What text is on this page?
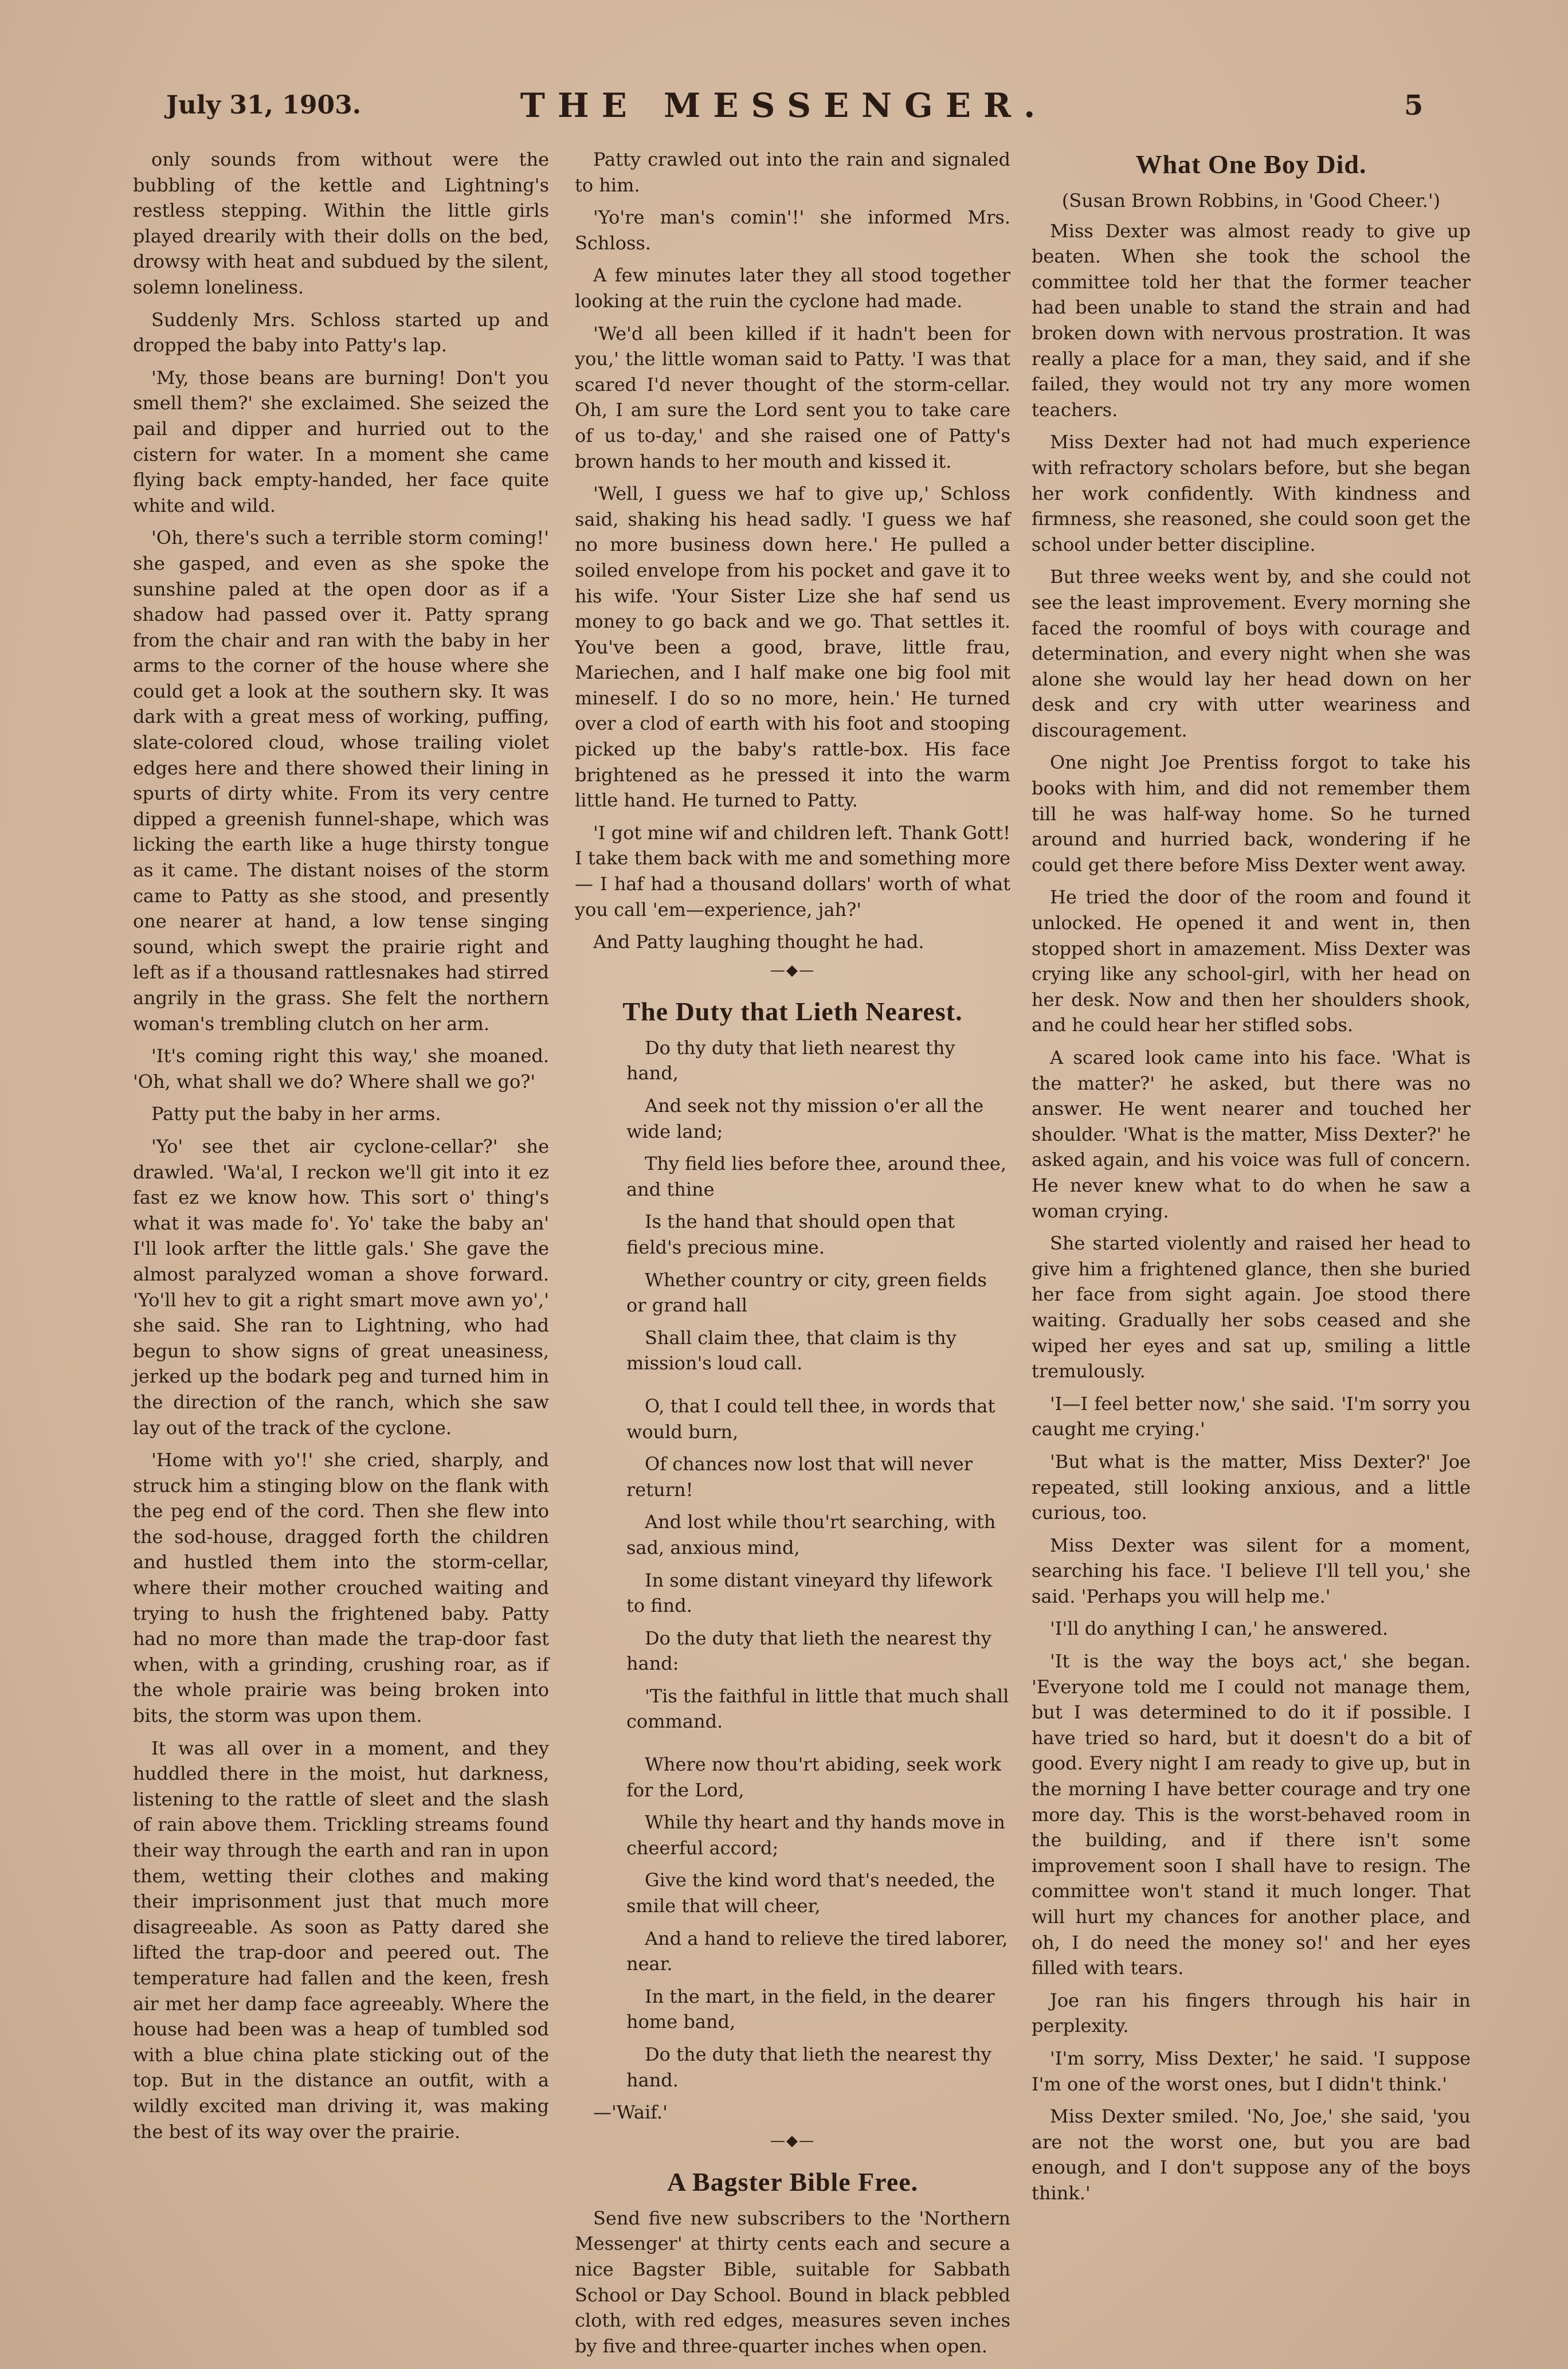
July 31, 1903.	THE MESSENGER.	5

only sounds from without were the bubbling of the kettle and Lightning's restless stepping. Within the little girls played drearily with their dolls on the bed, drowsy with heat and subdued by the silent, solemn loneliness.

Suddenly Mrs. Schloss started up and dropped the baby into Patty's lap.

'My, those beans are burning! Don't you smell them?' she exclaimed. She seized the pail and dipper and hurried out to the cistern for water. In a moment she came flying back empty-handed, her face quite white and wild.

'Oh, there's such a terrible storm coming!' she gasped, and even as she spoke the sunshine paled at the open door as if a shadow had passed over it. Patty sprang from the chair and ran with the baby in her arms to the corner of the house where she could get a look at the southern sky. It was dark with a great mess of working, puffing, slate-colored cloud, whose trailing violet edges here and there showed their lining in spurts of dirty white. From its very centre dipped a greenish funnel-shape, which was licking the earth like a huge thirsty tongue as it came. The distant noises of the storm came to Patty as she stood, and presently one nearer at hand, a low tense singing sound, which swept the prairie right and left as if a thousand rattlesnakes had stirred angrily in the grass. She felt the northern woman's trembling clutch on her arm.

'It's coming right this way,' she moaned. 'Oh, what shall we do? Where shall we go?'

Patty put the baby in her arms.

'Yo' see thet air cyclone-cellar?' she drawled. 'Wa'al, I reckon we'll git into it ez fast ez we know how. This sort o' thing's what it was made fo'. Yo' take the baby an' I'll look arfter the little gals.' She gave the almost paralyzed woman a shove forward. 'Yo'll hev to git a right smart move awn yo',' she said. She ran to Lightning, who had begun to show signs of great uneasiness, jerked up the bodark peg and turned him in the direction of the ranch, which she saw lay out of the track of the cyclone.

'Home with yo'!' she cried, sharply, and struck him a stinging blow on the flank with the peg end of the cord. Then she flew into the sod-house, dragged forth the children and hustled them into the storm-cellar, where their mother crouched waiting and trying to hush the frightened baby. Patty had no more than made the trap-door fast when, with a grinding, crushing roar, as if the whole prairie was being broken into bits, the storm was upon them.

It was all over in a moment, and they huddled there in the moist, hut darkness, listening to the rattle of sleet and the slash of rain above them. Trickling streams found their way through the earth and ran in upon them, wetting their clothes and making their imprisonment just that much more disagreeable. As soon as Patty dared she lifted the trap-door and peered out. The temperature had fallen and the keen, fresh air met her damp face agreeably. Where the house had been was a heap of tumbled sod with a blue china plate sticking out of the top. But in the distance an outfit, with a wildly excited man driving it, was making the best of its way over the prairie.

Patty crawled out into the rain and signaled to him.

'Yo're man's comin'!' she informed Mrs. Schloss.

A few minutes later they all stood together looking at the ruin the cyclone had made.

'We'd all been killed if it hadn't been for you,' the little woman said to Patty. 'I was that scared I'd never thought of the storm-cellar. Oh, I am sure the Lord sent you to take care of us to-day,' and she raised one of Patty's brown hands to her mouth and kissed it.

'Well, I guess we haf to give up,' Schloss said, shaking his head sadly. 'I guess we haf no more business down here.' He pulled a soiled envelope from his pocket and gave it to his wife. 'Your Sister Lize she haf send us money to go back and we go. That settles it. You've been a good, brave, little frau, Mariechen, and I half make one big fool mit mineself. I do so no more, hein.' He turned over a clod of earth with his foot and stooping picked up the baby's rattle-box. His face brightened as he pressed it into the warm little hand. He turned to Patty.

'I got mine wif and children left. Thank Gott! I take them back with me and something more — I haf had a thousand dollars' worth of what you call 'em—experience, jah?'

And Patty laughing thought he had.

—◆—
The Duty that Lieth Nearest.

Do thy duty that lieth nearest thy hand,

And seek not thy mission o'er all the wide land;

Thy field lies before thee, around thee, and thine

Is the hand that should open that field's precious mine.

Whether country or city, green fields or grand hall

Shall claim thee, that claim is thy mission's loud call.

O, that I could tell thee, in words that would burn,

Of chances now lost that will never return!

And lost while thou'rt searching, with sad, anxious mind,

In some distant vineyard thy lifework to find.

Do the duty that lieth the nearest thy hand:

'Tis the faithful in little that much shall command.

Where now thou'rt abiding, seek work for the Lord,

While thy heart and thy hands move in cheerful accord;

Give the kind word that's needed, the smile that will cheer,

And a hand to relieve the tired laborer, near.

In the mart, in the field, in the dearer home band,

Do the duty that lieth the nearest thy hand.

—'Waif.'

—◆—
A Bagster Bible Free.

Send five new subscribers to the 'Northern Messenger' at thirty cents each and secure a nice Bagster Bible, suitable for Sabbath School or Day School. Bound in black pebbled cloth, with red edges, measures seven inches by five and three-quarter inches when open.

What One Boy Did.
(Susan Brown Robbins, in 'Good Cheer.')

Miss Dexter was almost ready to give up beaten. When she took the school the committee told her that the former teacher had been unable to stand the strain and had broken down with nervous prostration. It was really a place for a man, they said, and if she failed, they would not try any more women teachers.

Miss Dexter had not had much experience with refractory scholars before, but she began her work confidently. With kindness and firmness, she reasoned, she could soon get the school under better discipline.

But three weeks went by, and she could not see the least improvement. Every morning she faced the roomful of boys with courage and determination, and every night when she was alone she would lay her head down on her desk and cry with utter weariness and discouragement.

One night Joe Prentiss forgot to take his books with him, and did not remember them till he was half-way home. So he turned around and hurried back, wondering if he could get there before Miss Dexter went away.

He tried the door of the room and found it unlocked. He opened it and went in, then stopped short in amazement. Miss Dexter was crying like any school-girl, with her head on her desk. Now and then her shoulders shook, and he could hear her stifled sobs.

A scared look came into his face. 'What is the matter?' he asked, but there was no answer. He went nearer and touched her shoulder. 'What is the matter, Miss Dexter?' he asked again, and his voice was full of concern. He never knew what to do when he saw a woman crying.

She started violently and raised her head to give him a frightened glance, then she buried her face from sight again. Joe stood there waiting. Gradually her sobs ceased and she wiped her eyes and sat up, smiling a little tremulously.

'I—I feel better now,' she said. 'I'm sorry you caught me crying.'

'But what is the matter, Miss Dexter?' Joe repeated, still looking anxious, and a little curious, too.

Miss Dexter was silent for a moment, searching his face. 'I believe I'll tell you,' she said. 'Perhaps you will help me.'

'I'll do anything I can,' he answered.

'It is the way the boys act,' she began. 'Everyone told me I could not manage them, but I was determined to do it if possible. I have tried so hard, but it doesn't do a bit of good. Every night I am ready to give up, but in the morning I have better courage and try one more day. This is the worst-behaved room in the building, and if there isn't some improvement soon I shall have to resign. The committee won't stand it much longer. That will hurt my chances for another place, and oh, I do need the money so!' and her eyes filled with tears.

Joe ran his fingers through his hair in perplexity.

'I'm sorry, Miss Dexter,' he said. 'I suppose I'm one of the worst ones, but I didn't think.'

Miss Dexter smiled. 'No, Joe,' she said, 'you are not the worst one, but you are bad enough, and I don't suppose any of the boys think.'
